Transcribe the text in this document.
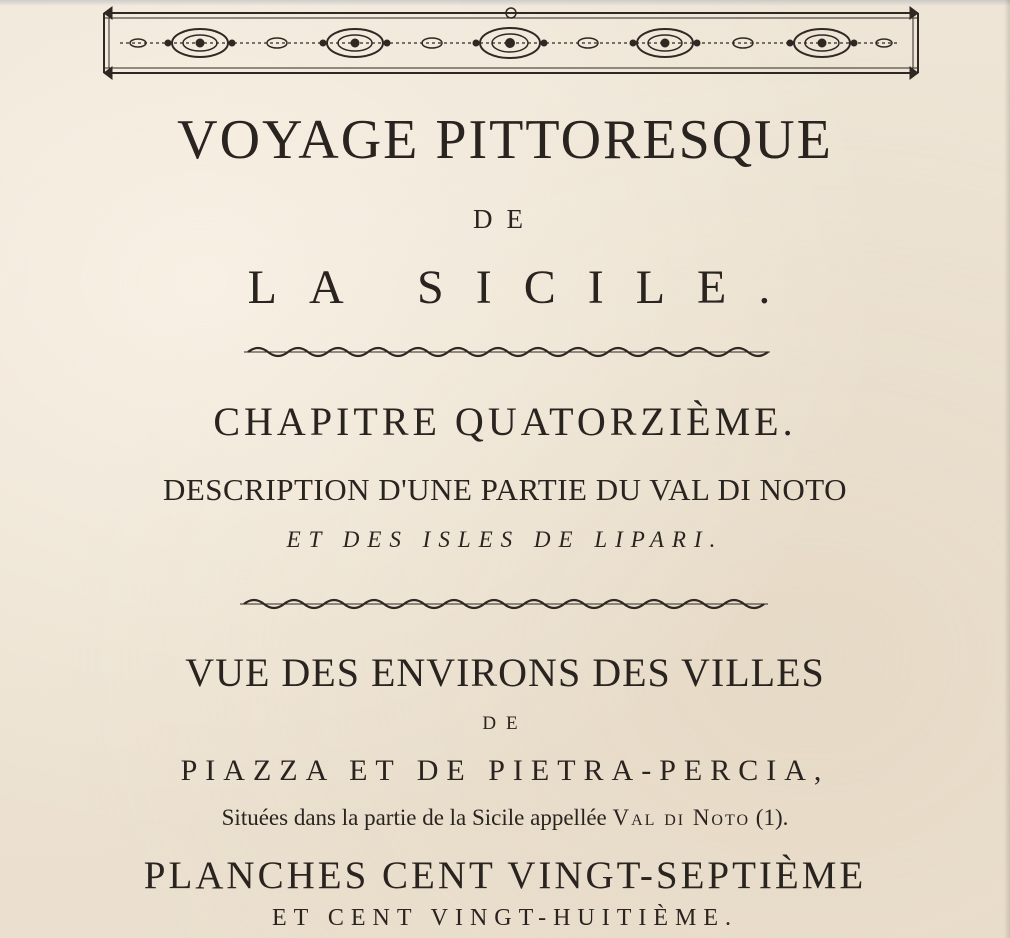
VOYAGE PITTORESQUE
DE
LA SICILE.
CHAPITRE QUATORZIÈME.
DESCRIPTION D'UNE PARTIE DU VAL DI NOTO
ET DES ISLES DE LIPARI.
VUE DES ENVIRONS DES VILLES
DE
PIAZZA ET DE PIETRA-PERCIA,
Situées dans la partie de la Sicile appellée Val di Noto (1).
PLANCHES CENT VINGT-SEPTIÈME
ET CENT VINGT-HUITIÈME.
